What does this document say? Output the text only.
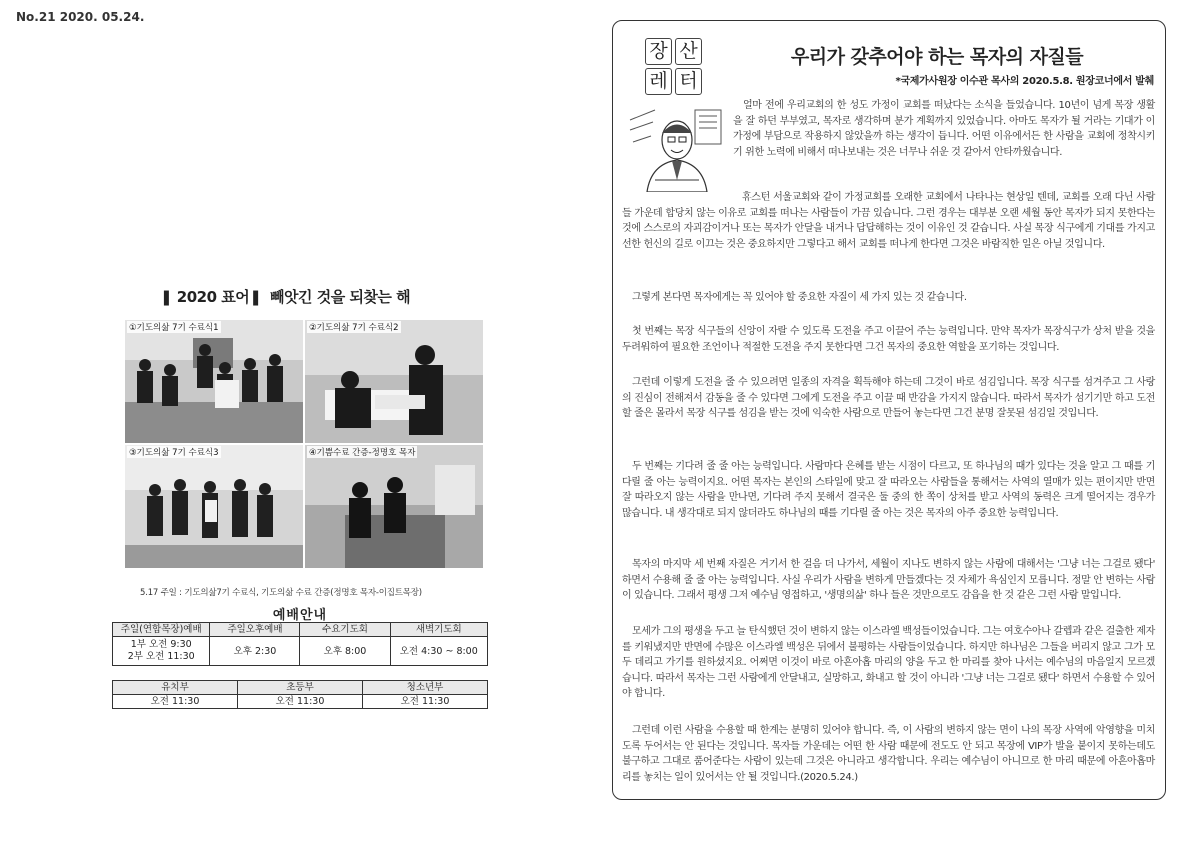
No.21 2020. 05.24.
❚ 2020 표어❚ 빼앗긴 것을 되찾는 해
①기도의삶 7기 수료식1	②기도의삶 7기 수료식2
③기도의삶 7기 수료식3	④기쁨수료 간증-정명호 목자
5.17 주일 : 기도의삶7기 수료식, 기도의삶 수료 간증(정명호 목자-이집트목장)
예배안내
주일(연합목장)예배	주일오후예배	수요기도회	새벽기도회

1부 오전 9:30
2부 오전 11:30	오후 2:30	오후 8:00	오전 4:30 ~ 8:00
유치부	초등부	청소년부
오전 11:30	오전 11:30	오전 11:30
장 산
레 터
우리가 갖추어야 하는 목자의 자질들
*국제가사원장 이수관 목사의 2020.5.8. 원장코너에서 발췌
얼마 전에 우리교회의 한 성도 가정이 교회를 떠났다는 소식을 들었습니다. 10년이 넘게 목장 생활을 잘 하던 부부였고, 목자로 생각하며 분가 계획까지 있었습니다. 아마도 목자가 될 거라는 기대가 이 가정에 부담으로 작용하지 않았을까 하는 생각이 듭니다. 어떤 이유에서든 한 사람을 교회에 정착시키기 위한 노력에 비해서 떠나보내는 것은 너무나 쉬운 것 같아서 안타까웠습니다.
휴스턴 서울교회와 같이 가정교회를 오래한 교회에서 나타나는 현상일 텐데, 교회를 오래 다닌 사람들 가운데 합당치 않는 이유로 교회를 떠나는 사람들이 가끔 있습니다. 그런 경우는 대부분 오랜 세월 동안 목자가 되지 못한다는 것에 스스로의 자괴감이거나 또는 목자가 안달을 내거나 답답해하는 것이 이유인 것 같습니다. 사실 목장 식구에게 기대를 가지고 선한 헌신의 길로 이끄는 것은 중요하지만 그렇다고 해서 교회를 떠나게 한다면 그것은 바람직한 일은 아닐 것입니다.
그렇게 본다면 목자에게는 꼭 있어야 할 중요한 자질이 세 가지 있는 것 같습니다.
첫 번째는 목장 식구들의 신앙이 자랄 수 있도록 도전을 주고 이끌어 주는 능력입니다. 만약 목자가 목장식구가 상처 받을 것을 두려워하여 필요한 조언이나 적절한 도전을 주지 못한다면 그건 목자의 중요한 역할을 포기하는 것입니다.
그런데 이렇게 도전을 줄 수 있으려면 일종의 자격을 획득해야 하는데 그것이 바로 섬김입니다. 목장 식구를 섬겨주고 그 사랑의 진심이 전해져서 감동을 줄 수 있다면 그에게 도전을 주고 이끌 때 반감을 가지지 않습니다. 따라서 목자가 섬기기만 하고 도전 할 줄은 몰라서 목장 식구를 섬김을 받는 것에 익숙한 사람으로 만들어 놓는다면 그건 분명 잘못된 섬김일 것입니다.
두 번째는 기다려 줄 줄 아는 능력입니다. 사람마다 은혜를 받는 시점이 다르고, 또 하나님의 때가 있다는 것을 알고 그 때를 기다릴 줄 아는 능력이지요. 어떤 목자는 본인의 스타일에 맞고 잘 따라오는 사람들을 통해서는 사역의 열매가 있는 편이지만 반면 잘 따라오지 않는 사람을 만나면, 기다려 주지 못해서 결국은 둘 중의 한 쪽이 상처를 받고 사역의 동력은 크게 떨어지는 경우가 많습니다. 내 생각대로 되지 않더라도 하나님의 때를 기다릴 줄 아는 것은 목자의 아주 중요한 능력입니다.
목자의 마지막 세 번째 자질은 거기서 한 걸음 더 나가서, 세월이 지나도 변하지 않는 사람에 대해서는 '그냥 너는 그걸로 됐다' 하면서 수용해 줄 줄 아는 능력입니다. 사실 우리가 사람을 변하게 만들겠다는 것 자체가 욕심인지 모릅니다. 정말 안 변하는 사람이 있습니다. 그래서 평생 그저 예수님 영접하고, '생명의삶' 하나 들은 것만으로도 감읍을 한 것 같은 그런 사람 말입니다.
모세가 그의 평생을 두고 늘 탄식했던 것이 변하지 않는 이스라엘 백성들이었습니다. 그는 여호수아나 갈렙과 같은 걸출한 제자를 키워냈지만 반면에 수많은 이스라엘 백성은 뒤에서 불평하는 사람들이었습니다. 하지만 하나님은 그들을 버리지 않고 그가 모두 데리고 가기를 원하셨지요. 어쩌면 이것이 바로 아흔아홉 마리의 양을 두고 한 마리를 찾아 나서는 예수님의 마음일지 모르겠습니다. 따라서 목자는 그런 사람에게 안달내고, 실망하고, 화내고 할 것이 아니라 '그냥 너는 그걸로 됐다' 하면서 수용할 수 있어야 합니다.
그런데 이런 사람을 수용할 때 한계는 분명히 있어야 합니다. 즉, 이 사람의 변하지 않는 면이 나의 목장 사역에 악영향을 미치도록 두어서는 안 된다는 것입니다. 목자들 가운데는 어떤 한 사람 때문에 전도도 안 되고 목장에 VIP가 발을 붙이지 못하는데도 불구하고 그대로 품어준다는 사람이 있는데 그것은 아니라고 생각합니다. 우리는 예수님이 아니므로 한 마리 때문에 아흔아홉마리를 놓치는 일이 있어서는 안 될 것입니다.(2020.5.24.)
